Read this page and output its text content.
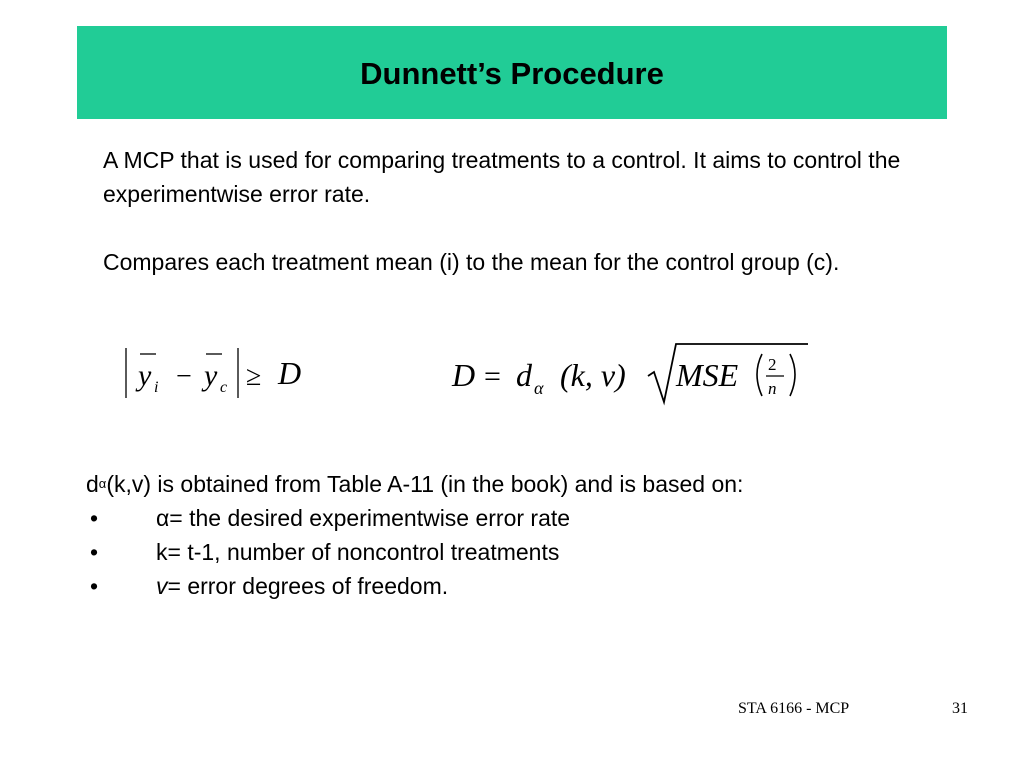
Dunnett’s Procedure
A MCP that is used for comparing treatments to a control. It aims to control the experimentwise error rate.
Compares each treatment mean (i) to the mean for the control group (c).
y i − y c ≥ D	D = d α (k, v) MSE 2
n
d α (k,v) is obtained from Table A-11 (in the book) and is based on:
•	α = the desired experimentwise error rate
•	k = t-1, number of noncontrol treatments
•	v = error degrees of freedom.
STA 6166 - MCP	31
